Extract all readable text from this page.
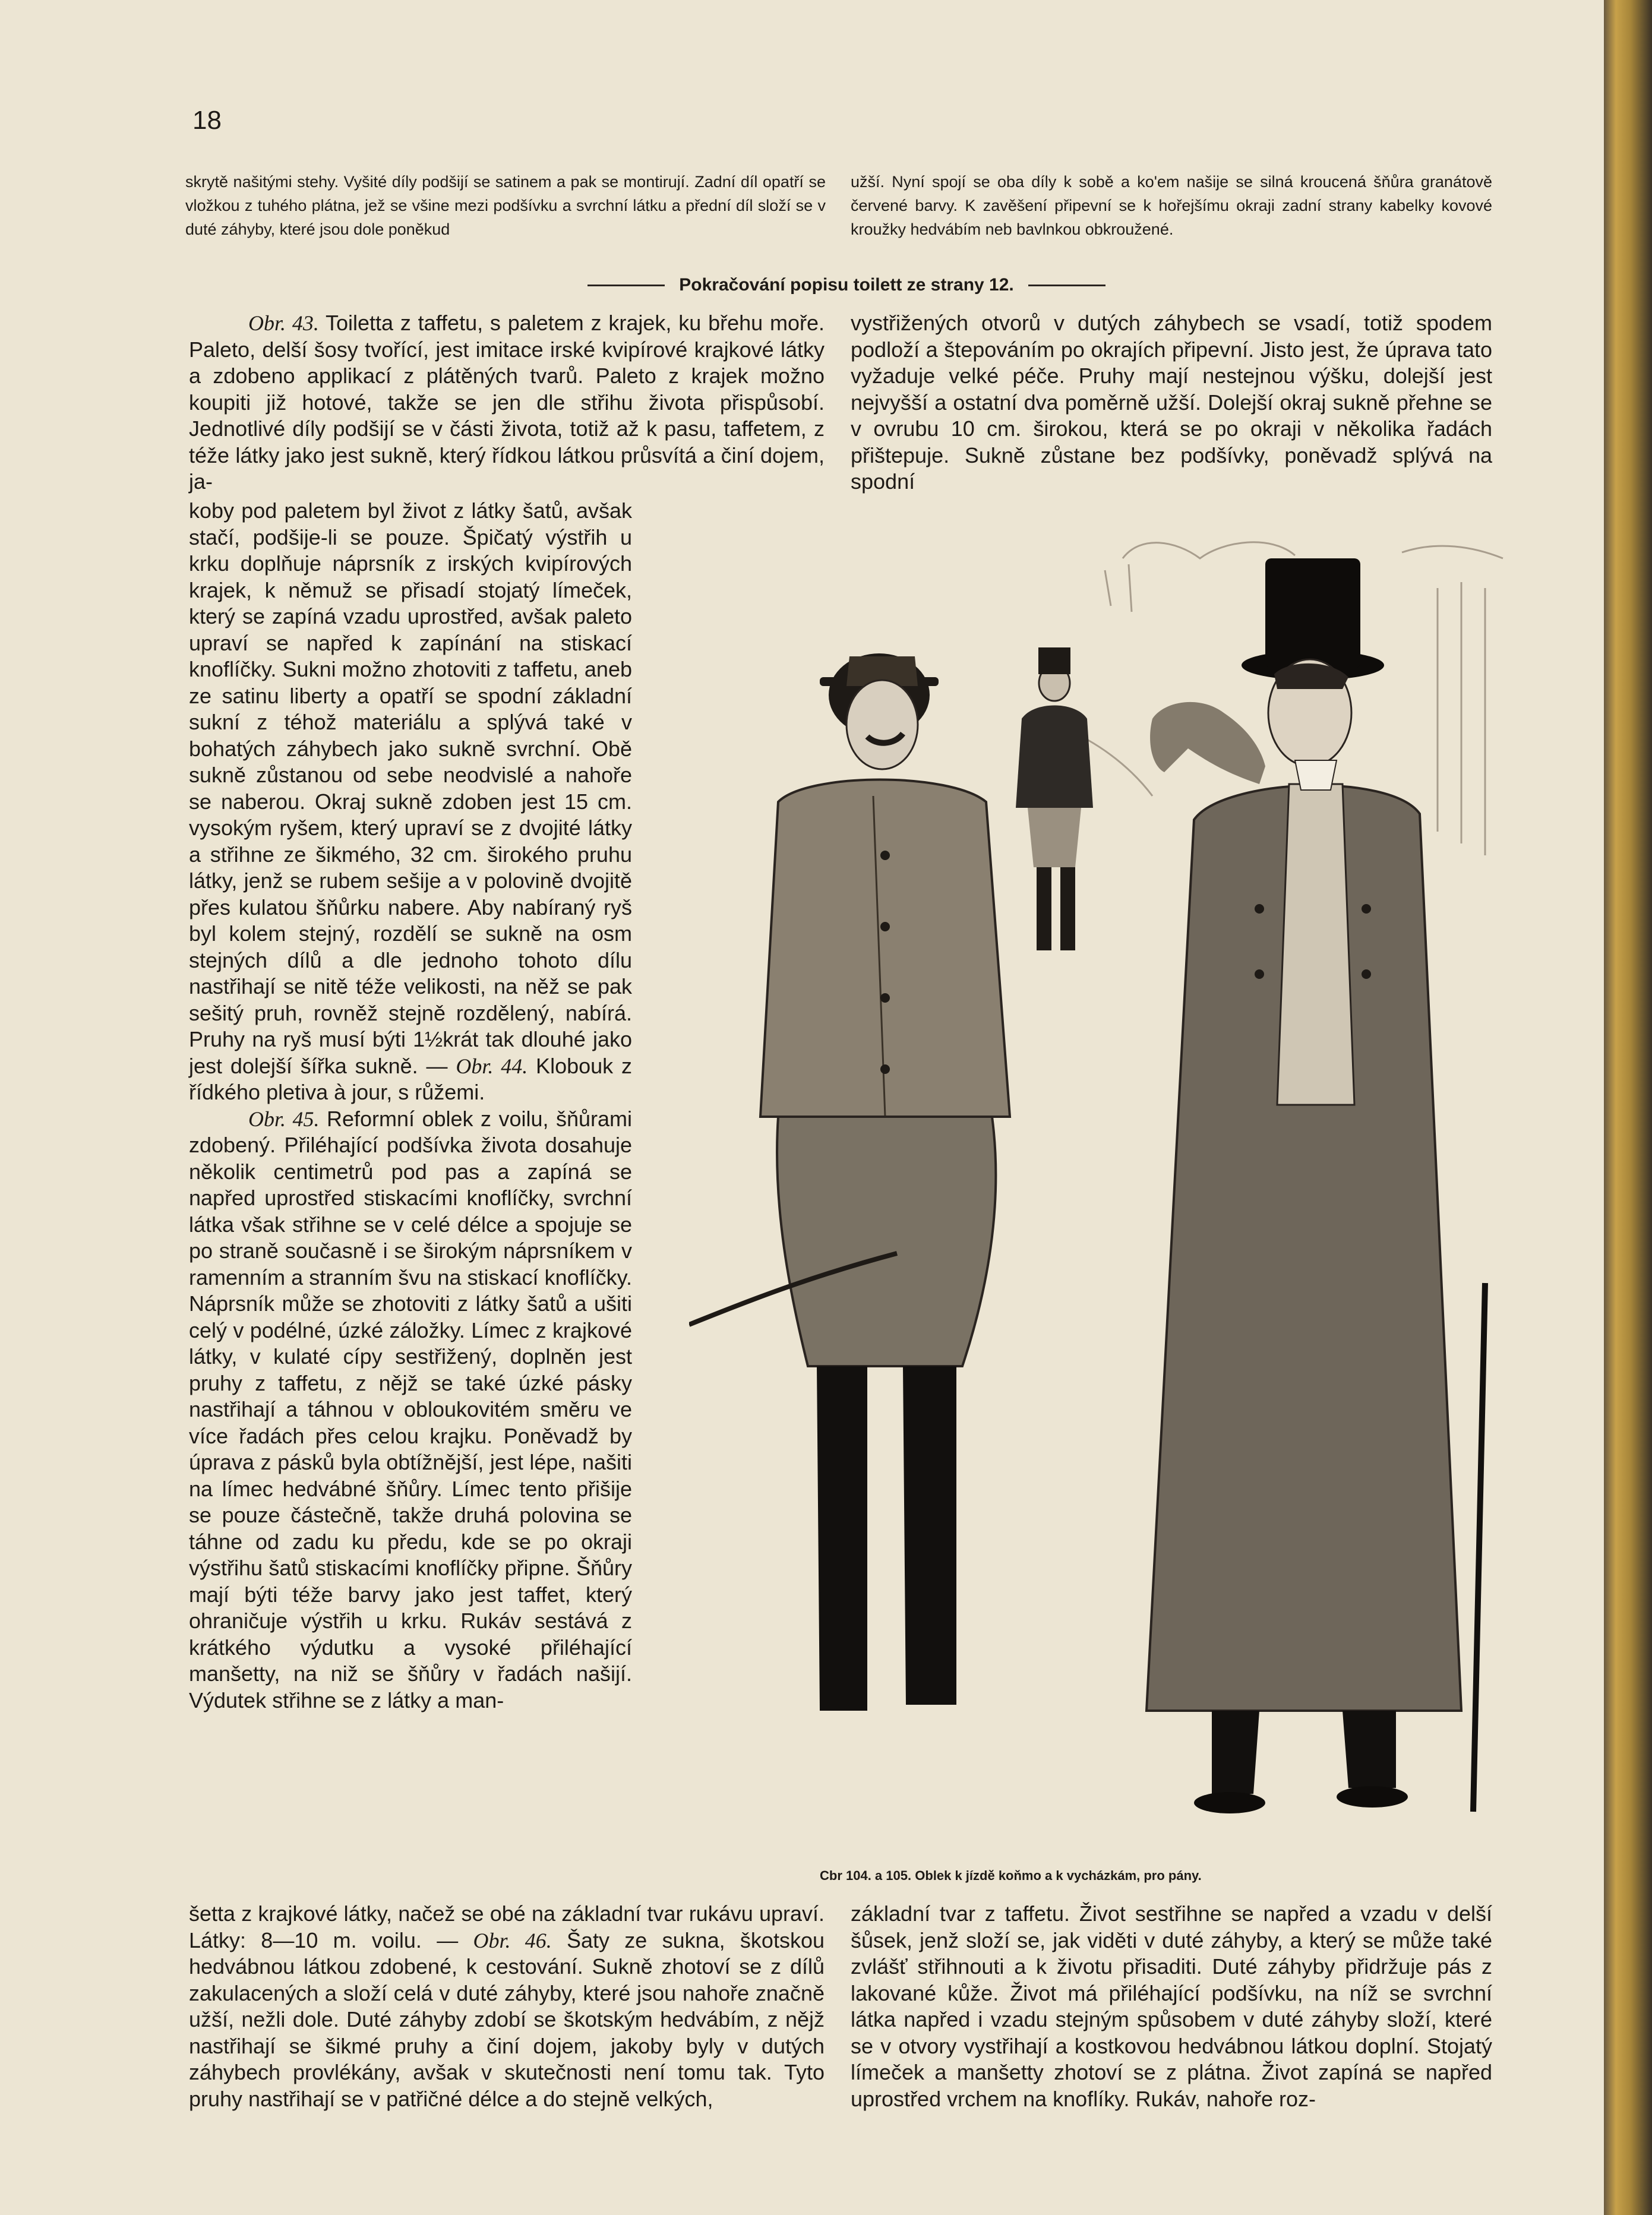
18

skrytě našitými stehy. Vyšité díly podšijí se satinem a pak se montirují. Zadní díl opatří se vložkou z tuhého plátna, jež se všine mezi podšívku a svrchní látku a přední díl složí se v duté záhyby, které jsou dole poněkud

užší. Nyní spojí se oba díly k sobě a ko'em našije se silná kroucená šňůra granátově červené barvy. K zavěšení připevní se k hořejšímu okraji zadní strany kabelky kovové kroužky hedvábím neb bavlnkou obkroužené.

Pokračování popisu toilett ze strany 12.

Obr. 43. Toiletta z taffetu, s paletem z krajek, ku břehu moře. Paleto, delší šosy tvořící, jest imitace irské kvipírové krajkové látky a zdobeno applikací z plátěných tvarů. Paleto z krajek možno koupiti již hotové, takže se jen dle střihu života přispůsobí. Jednotlivé díly podšijí se v části života, totiž až k pasu, taffetem, z téže látky jako jest sukně, který řídkou látkou průsvítá a činí dojem, ja-

koby pod paletem byl život z látky šatů, avšak stačí, podšije-li se pouze. Špičatý výstřih u krku doplňuje náprsník z irských kvipírových krajek, k němuž se přisadí stojatý límeček, který se zapíná vzadu uprostřed, avšak paleto upraví se napřed k zapínání na stiskací knoflíčky. Sukni možno zhotoviti z taffetu, aneb ze satinu liberty a opatří se spodní základní sukní z téhož materiálu a splývá také v bohatých záhybech jako sukně svrchní. Obě sukně zůstanou od sebe neodvislé a nahoře se naberou. Okraj sukně zdoben jest 15 cm. vysokým ryšem, který upraví se z dvojité látky a střihne ze šikmého, 32 cm. širokého pruhu látky, jenž se rubem sešije a v polovině dvojitě přes kulatou šňůrku nabere. Aby nabíraný ryš byl kolem stejný, rozdělí se sukně na osm stejných dílů a dle jednoho tohoto dílu nastřihají se nitě téže velikosti, na něž se pak sešitý pruh, rovněž stejně rozdělený, nabírá. Pruhy na ryš musí býti 1½krát tak dlouhé jako jest dolejší šířka sukně. — Obr. 44. Klobouk z řídkého pletiva à jour, s růžemi.

Obr. 45. Reformní oblek z voilu, šňůrami zdobený. Přiléhající podšívka života dosahuje několik centimetrů pod pas a zapíná se napřed uprostřed stiskacími knoflíčky, svrchní látka však střihne se v celé délce a spojuje se po straně současně i se širokým náprsníkem v ramenním a stranním švu na stiskací knoflíčky. Náprsník může se zhotoviti z látky šatů a ušiti celý v podélné, úzké záložky. Límec z krajkové látky, v kulaté cípy sestřižený, doplněn jest pruhy z taffetu, z nějž se také úzké pásky nastřihají a táhnou v obloukovitém směru ve více řadách přes celou krajku. Poněvadž by úprava z pásků byla obtížnější, jest lépe, našiti na límec hedvábné šňůry. Límec tento přišije se pouze částečně, takže druhá polovina se táhne od zadu ku předu, kde se po okraji výstřihu šatů stiskacími knoflíčky připne. Šňůry mají býti téže barvy jako jest taffet, který ohraničuje výstřih u krku. Rukáv sestává z krátkého výdutku a vysoké přiléhající manšetty, na niž se šňůry v řadách našijí. Výdutek střihne se z látky a man-

šetta z krajkové látky, načež se obé na základní tvar rukávu upraví. Látky: 8—10 m. voilu. — Obr. 46. Šaty ze sukna, škotskou hedvábnou látkou zdobené, k cestování. Sukně zhotoví se z dílů zakulacených a složí celá v duté záhyby, které jsou nahoře značně užší, nežli dole. Duté záhyby zdobí se škotským hedvábím, z nějž nastřihají se šikmé pruhy a činí dojem, jakoby byly v dutých záhybech provlékány, avšak v skutečnosti není tomu tak. Tyto pruhy nastřihají se v patřičné délce a do stejně velkých,

vystřižených otvorů v dutých záhybech se vsadí, totiž spodem podloží a štepováním po okrajích připevní. Jisto jest, že úprava tato vyžaduje velké péče. Pruhy mají nestejnou výšku, dolejší jest nejvyšší a ostatní dva poměrně užší. Dolejší okraj sukně přehne se v ovrubu 10 cm. širokou, která se po okraji v několika řadách přištepuje. Sukně zůstane bez podšívky, poněvadž splývá na spodní

Cbr 104. a 105. Oblek k jízdě koňmo a k vycházkám, pro pány.

základní tvar z taffetu. Život sestřihne se napřed a vzadu v delší šůsek, jenž složí se, jak viděti v duté záhyby, a který se může také zvlášť střihnouti a k životu přisaditi. Duté záhyby přidržuje pás z lakované kůže. Život má přiléhající podšívku, na níž se svrchní látka napřed i vzadu stejným spůsobem v duté záhyby složí, které se v otvory vystřihají a kostkovou hedvábnou látkou doplní. Stojatý límeček a manšetty zhotoví se z plátna. Život zapíná se napřed uprostřed vrchem na knoflíky. Rukáv, nahoře roz-
